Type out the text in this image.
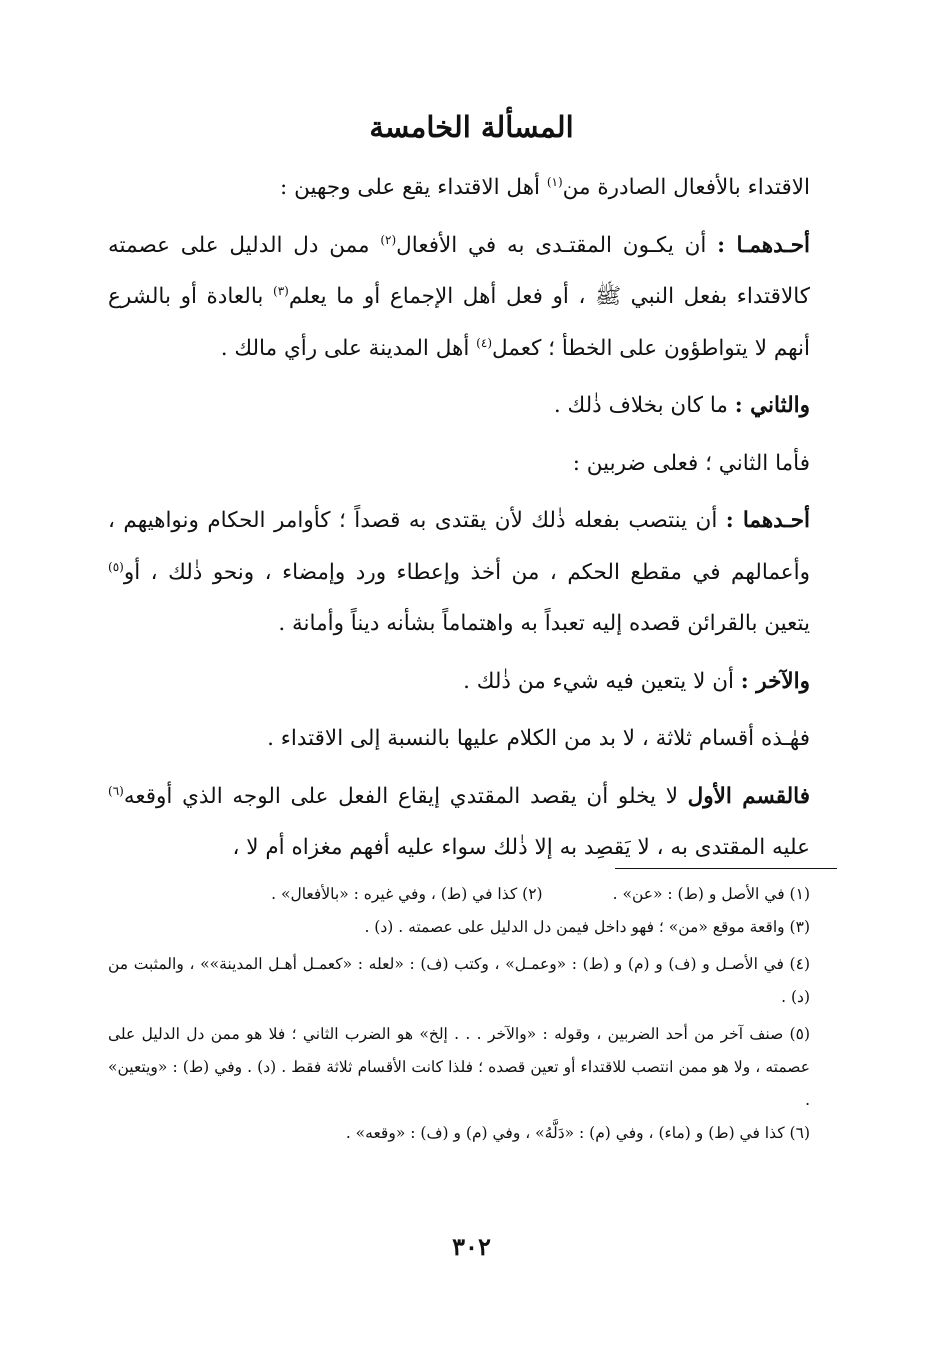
المسألة الخامسة

الاقتداء بالأفعال الصادرة من$^{(١)}$ أهل الاقتداء يقع على وجهين :

أحـدهمـا : أن يكـون المقتـدى به في الأفعال$^{(٢)}$ ممن دل الدليل على عصمته كالاقتداء بفعل النبي ﷺ ، أو فعل أهل الإجماع أو ما يعلم$^{(٣)}$ بالعادة أو بالشرع أنهم لا يتواطؤون على الخطأ ؛ كعمل$^{(٤)}$ أهل المدينة على رأي مالك .

والثاني : ما كان بخلاف ذٰلك .

فأما الثاني ؛ فعلى ضربين :

أحـدهما : أن ينتصب بفعله ذٰلك لأن يقتدى به قصداً ؛ كأوامر الحكام ونواهيهم ، وأعمالهم في مقطع الحكم ، من أخذ وإعطاء ورد وإمضاء ، ونحو ذٰلك ، أو$^{(٥)}$ يتعين بالقرائن قصده إليه تعبداً به واهتماماً بشأنه ديناً وأمانة .

والآخر : أن لا يتعين فيه شيء من ذٰلك .

فهٰـذه أقسام ثلاثة ، لا بد من الكلام عليها بالنسبة إلى الاقتداء .

فالقسم الأول لا يخلو أن يقصد المقتدي إيقاع الفعل على الوجه الذي أوقعه$^{(٦)}$ عليه المقتدى به ، لا يَقصِد به إلا ذٰلك سواء عليه أفهم مغزاه أم لا ،

(١) في الأصل و (ط) : «عن» .
(٢) كذا في (ط) ، وفي غيره : «بالأفعال» .

(٣) واقعة موقع «من» ؛ فهو داخل فيمن دل الدليل على عصمته . (د) .

(٤) في الأصـل و (ف) و (م) و (ط) : «وعمـل» ، وكتب (ف) : «لعله : «كعمـل أهـل المدينة»» ، والمثبت من (د) .

(٥) صنف آخر من أحد الضربين ، وقوله : «والآخر . . . إلخ» هو الضرب الثاني ؛ فلا هو ممن دل الدليل على عصمته ، ولا هو ممن انتصب للاقتداء أو تعين قصده ؛ فلذا كانت الأقسام ثلاثة فقط . (د) . وفي (ط) : «ويتعين» .

(٦) كذا في (ط) و (ماء) ، وفي (م) : «دَلَّهُ» ، وفي (م) و (ف) : «وقعه» .

٣٠٢
